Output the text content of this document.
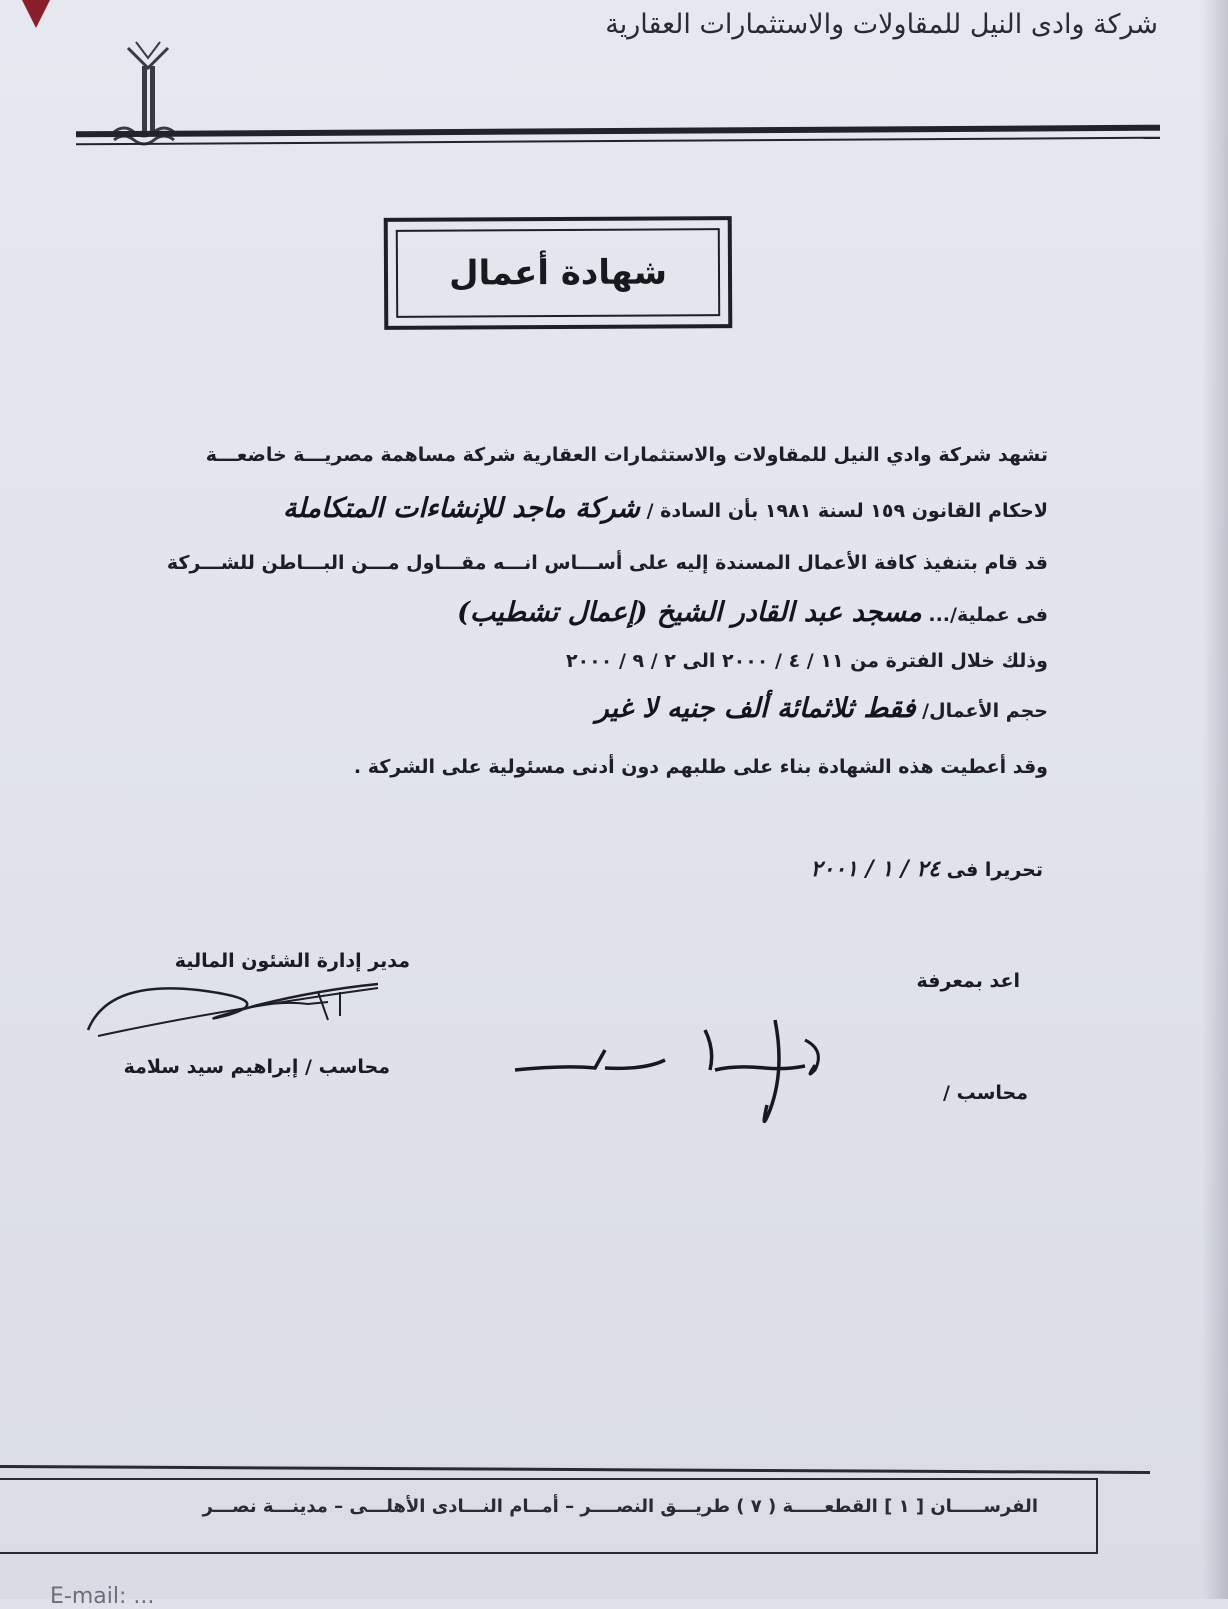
شركة وادى النيل للمقاولات والاستثمارات العقارية
شهادة أعمال
تشهد شركة وادي النيل للمقاولات والاستثمارات العقارية شركة مساهمة مصريـــة خاضعـــة
لاحكام القانون ١٥٩ لسنة ١٩٨١ بأن السادة / شركة ماجد للإنشاءات المتكاملة
قد قام بتنفيذ كافة الأعمال المسندة إليه على أســـاس انـــه مقـــاول مـــن البـــاطن للشـــركة
فى عملية/... مسجد عبد القادر الشيخ (إعمال تشطيب)
وذلك خلال الفترة من ١١ / ٤ / ٢٠٠٠ الى ٢ / ٩ / ٢٠٠٠
حجم الأعمال/ فقط ثلاثمائة ألف جنيه لا غير
وقد أعطيت هذه الشهادة بناء على طلبهم دون أدنى مسئولية على الشركة .
تحريرا فى ٢٤ / ١ / ٢٠٠١
مدير إدارة الشئون المالية
محاسب / إبراهيم سيد سلامة
اعد بمعرفة
محاسب /
الفرســـــان [ ١ ] القطعـــــة ( ٧ ) طريـــق النصــــر – أمــام النـــادى الأهلـــى – مدينـــة نصـــر
E-mail: ...
